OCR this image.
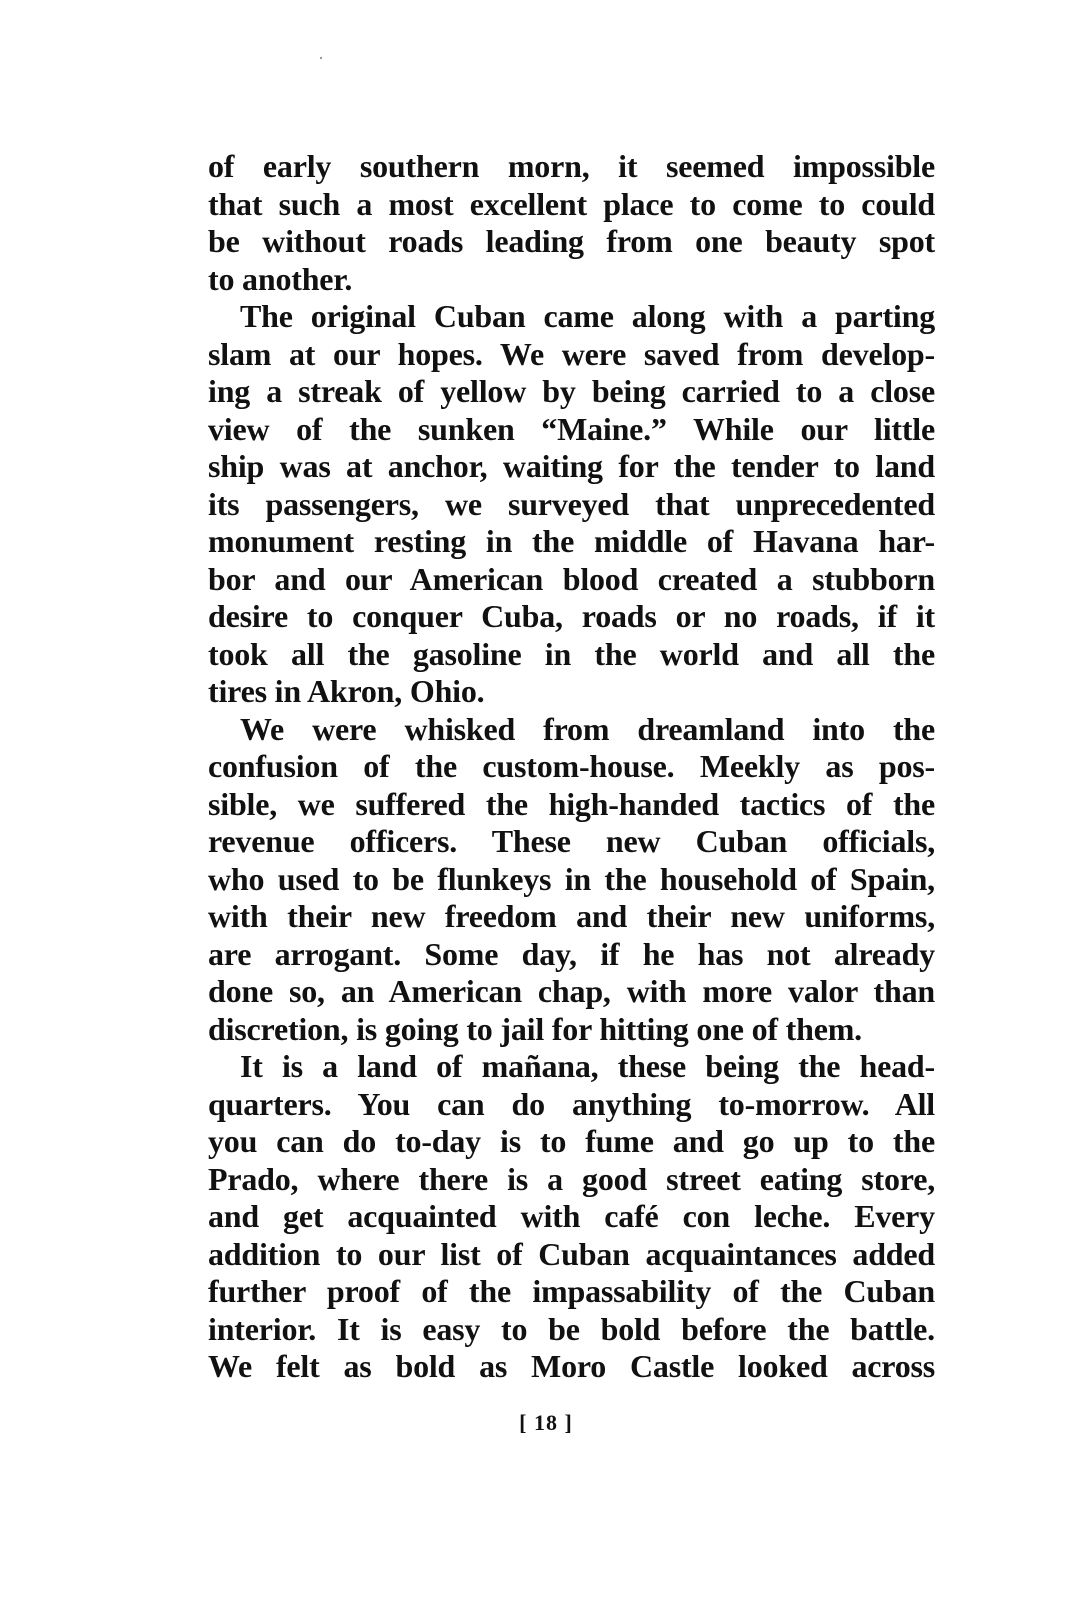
of early southern morn, it seemed impossible
that such a most excellent place to come to could
be without roads leading from one beauty spot
to another.
The original Cuban came along with a parting
slam at our hopes. We were saved from develop-
ing a streak of yellow by being carried to a close
view of the sunken “Maine.” While our little
ship was at anchor, waiting for the tender to land
its passengers, we surveyed that unprecedented
monument resting in the middle of Havana har-
bor and our American blood created a stubborn
desire to conquer Cuba, roads or no roads, if it
took all the gasoline in the world and all the
tires in Akron, Ohio.
We were whisked from dreamland into the
confusion of the custom-house. Meekly as pos-
sible, we suffered the high-handed tactics of the
revenue officers. These new Cuban officials,
who used to be flunkeys in the household of Spain,
with their new freedom and their new uniforms,
are arrogant. Some day, if he has not already
done so, an American chap, with more valor than
discretion, is going to jail for hitting one of them.
It is a land of mañana, these being the head-
quarters. You can do anything to-morrow. All
you can do to-day is to fume and go up to the
Prado, where there is a good street eating store,
and get acquainted with café con leche. Every
addition to our list of Cuban acquaintances added
further proof of the impassability of the Cuban
interior. It is easy to be bold before the battle.
We felt as bold as Moro Castle looked across
[ 18 ]
